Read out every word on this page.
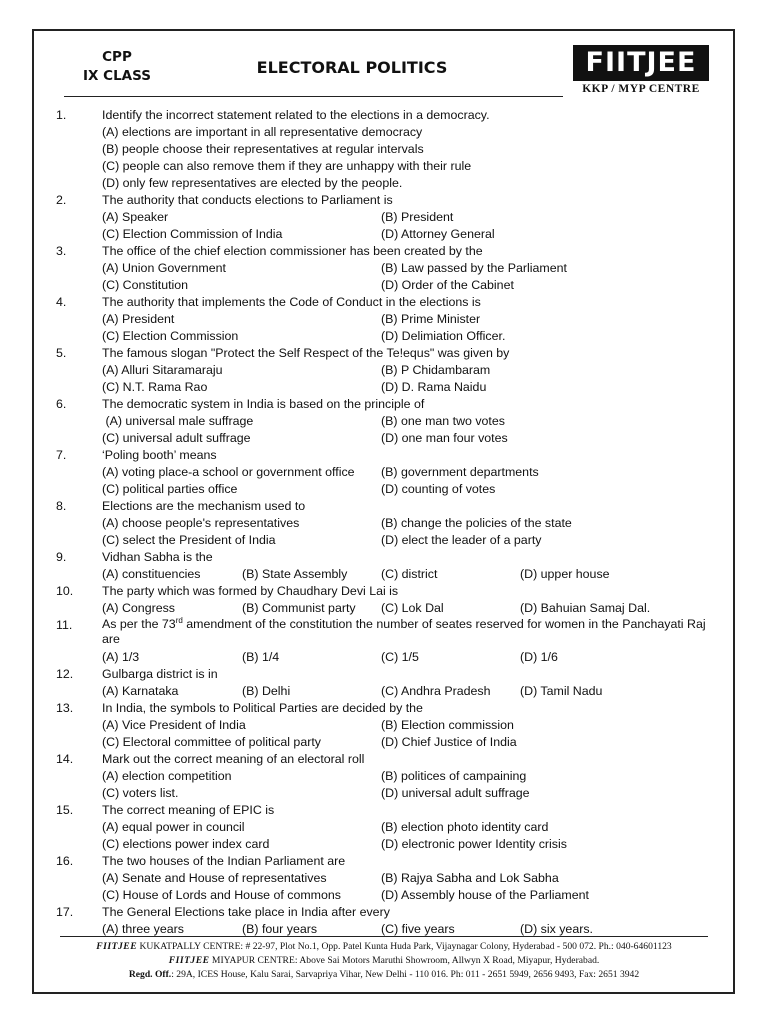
CPP
IX CLASS	ELECTORAL POLITICS	FIITJEE
KKP / MYP CENTRE
1.	Identify the incorrect statement related to the elections in a democracy.
(A) elections are important in all representative democracy
(B) people choose their representatives at regular intervals
(C) people can also remove them if they are unhappy with their rule
(D) only few representatives are elected by the people.
2.	The authority that conducts elections to Parliament is
(A) Speaker	(B) President
(C) Election Commission of India	(D) Attorney General
3.	The office of the chief election commissioner has been created by the
(A) Union Government	(B) Law passed by the Parliament
(C) Constitution	(D) Order of the Cabinet
4.	The authority that implements the Code of Conduct in the elections is
(A) President	(B) Prime Minister
(C) Election Commission	(D) Delimiation Officer.
5.	The famous slogan "Protect the Self Respect of the Te!equs" was given by
(A) Alluri Sitaramaraju	(B) P Chidambaram
(C) N.T. Rama Rao	(D) D. Rama Naidu
6.	The democratic system in India is based on the principle of
(A) universal male suffrage	(B) one man two votes
(C) universal adult suffrage	(D) one man four votes
7.	‘Poling booth’ means
(A) voting place-a school or government office (B) government departments
(C) political parties office	(D) counting of votes
8.	Elections are the mechanism used to
(A) choose people's representatives	(B) change the policies of the state
(C) select the President of India	(D) elect the leader of a party
9.	Vidhan Sabha is the
(A) constituencies	(B) State Assembly	(C) district	(D) upper house
10. The party which was formed by Chaudhary Devi Lai is
(A) Congress	(B) Communist party (C) Lok Dal	(D) Bahuian Samaj Dal.
11. As per the 73rd amendment of the constitution the number of seates reserved for women in the Panchayati Raj are
(A) 1/3	(B) 1/4	(C) 1/5	(D) 1/6
12. Gulbarga district is in
(A) Karnataka	(B) Delhi	(C) Andhra Pradesh (D) Tamil Nadu
13. In India, the symbols to Political Parties are decided by the
(A) Vice President of India	(B) Election commission
(C) Electoral committee of political party	(D) Chief Justice of India
14. Mark out the correct meaning of an electoral roll
(A) election competition	(B) politices of campaining
(C) voters list.	(D) universal adult suffrage
15. The correct meaning of EPIC is
(A) equal power in council	(B) election photo identity card
(C) elections power index card	(D) electronic power Identity crisis
16. The two houses of the Indian Parliament are
(A) Senate and House of representatives	(B) Rajya Sabha and Lok Sabha
(C) House of Lords and House of commons	(D) Assembly house of the Parliament
17. The General Elections take place in India after every
(A) three years	(B) four years	(C) five years	(D) six years.
FIITJEE KUKATPALLY CENTRE: # 22-97, Plot No.1, Opp. Patel Kunta Huda Park, Vijaynagar Colony, Hyderabad - 500 072. Ph.: 040-64601123
FIITJEE MIYAPUR CENTRE: Above Sai Motors Maruthi Showroom, Allwyn X Road, Miyapur, Hyderabad.
Regd. Off.: 29A, ICES House, Kalu Sarai, Sarvapriya Vihar, New Delhi - 110 016. Ph: 011 - 2651 5949, 2656 9493, Fax: 2651 3942
